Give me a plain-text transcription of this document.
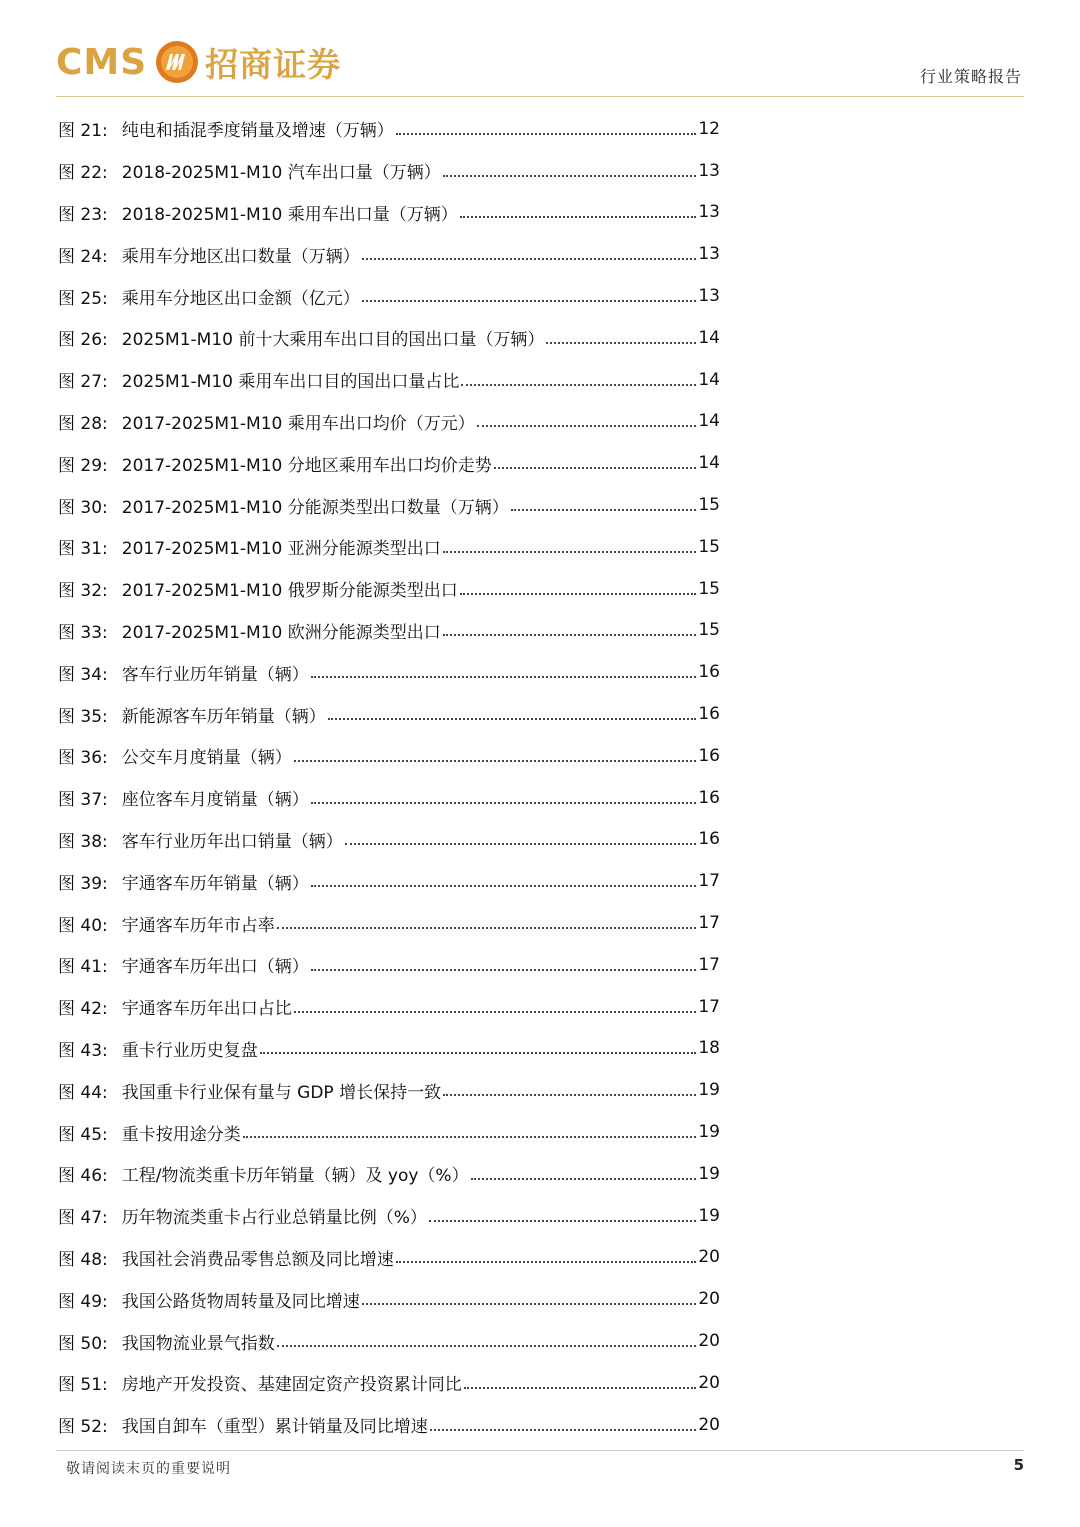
CMS 招商证券	行业策略报告
图 21: 纯电和插混季度销量及增速（万辆）	12
图 22: 2018-2025M1-M10 汽车出口量（万辆）	13
图 23: 2018-2025M1-M10 乘用车出口量（万辆）	13
图 24: 乘用车分地区出口数量（万辆）	13
图 25: 乘用车分地区出口金额（亿元）	13
图 26: 2025M1-M10 前十大乘用车出口目的国出口量（万辆）	14
图 27: 2025M1-M10 乘用车出口目的国出口量占比	14
图 28: 2017-2025M1-M10 乘用车出口均价（万元）	14
图 29: 2017-2025M1-M10 分地区乘用车出口均价走势	14
图 30: 2017-2025M1-M10 分能源类型出口数量（万辆）	15
图 31: 2017-2025M1-M10 亚洲分能源类型出口	15
图 32: 2017-2025M1-M10 俄罗斯分能源类型出口	15
图 33: 2017-2025M1-M10 欧洲分能源类型出口	15
图 34: 客车行业历年销量（辆）	16
图 35: 新能源客车历年销量（辆）	16
图 36: 公交车月度销量（辆）	16
图 37: 座位客车月度销量（辆）	16
图 38: 客车行业历年出口销量（辆）	16
图 39: 宇通客车历年销量（辆）	17
图 40: 宇通客车历年市占率	17
图 41: 宇通客车历年出口（辆）	17
图 42: 宇通客车历年出口占比	17
图 43: 重卡行业历史复盘	18
图 44: 我国重卡行业保有量与 GDP 增长保持一致	19
图 45: 重卡按用途分类	19
图 46: 工程/物流类重卡历年销量（辆）及 yoy（%）	19
图 47: 历年物流类重卡占行业总销量比例（%）	19
图 48: 我国社会消费品零售总额及同比增速	20
图 49: 我国公路货物周转量及同比增速	20
图 50: 我国物流业景气指数	20
图 51: 房地产开发投资、基建固定资产投资累计同比	20
图 52: 我国自卸车（重型）累计销量及同比增速	20
敬请阅读末页的重要说明	5
